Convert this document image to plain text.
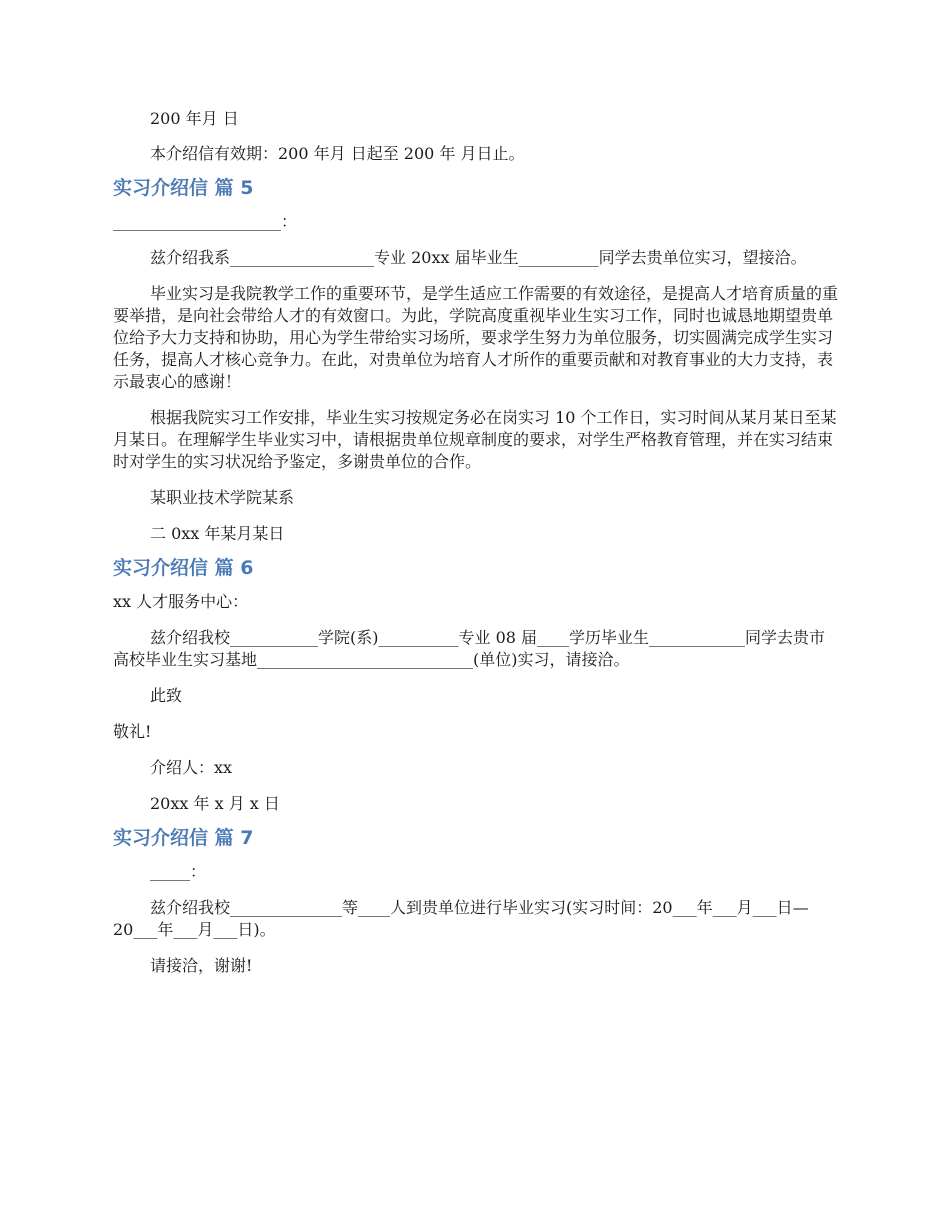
200 年月 日

本介绍信有效期：200 年月 日起至 200 年 月日止。

实习介绍信 篇 5

_____________________：

兹介绍我系__________________专业 20xx 届毕业生__________同学去贵单位实习，望接洽。

毕业实习是我院教学工作的重要环节，是学生适应工作需要的有效途径，是提高人才培育质量的重要举措，是向社会带给人才的有效窗口。为此，学院高度重视毕业生实习工作，同时也诚恳地期望贵单位给予大力支持和协助，用心为学生带给实习场所，要求学生努力为单位服务，切实圆满完成学生实习任务，提高人才核心竞争力。在此，对贵单位为培育人才所作的重要贡献和对教育事业的大力支持，表示最衷心的感谢！

根据我院实习工作安排，毕业生实习按规定务必在岗实习 10 个工作日，实习时间从某月某日至某月某日。在理解学生毕业实习中，请根据贵单位规章制度的要求，对学生严格教育管理，并在实习结束时对学生的实习状况给予鉴定，多谢贵单位的合作。

某职业技术学院某系

二 0xx 年某月某日

实习介绍信 篇 6

xx 人才服务中心：

兹介绍我校___________学院(系)__________专业 08 届____学历毕业生____________同学去贵市高校毕业生实习基地___________________________(单位)实习，请接洽。

此致

敬礼!

介绍人：xx

20xx 年 x 月 x 日

实习介绍信 篇 7

_____：

兹介绍我校______________等____人到贵单位进行毕业实习(实习时间：20___年___月___日—20___年___月___日)。

请接洽，谢谢!
